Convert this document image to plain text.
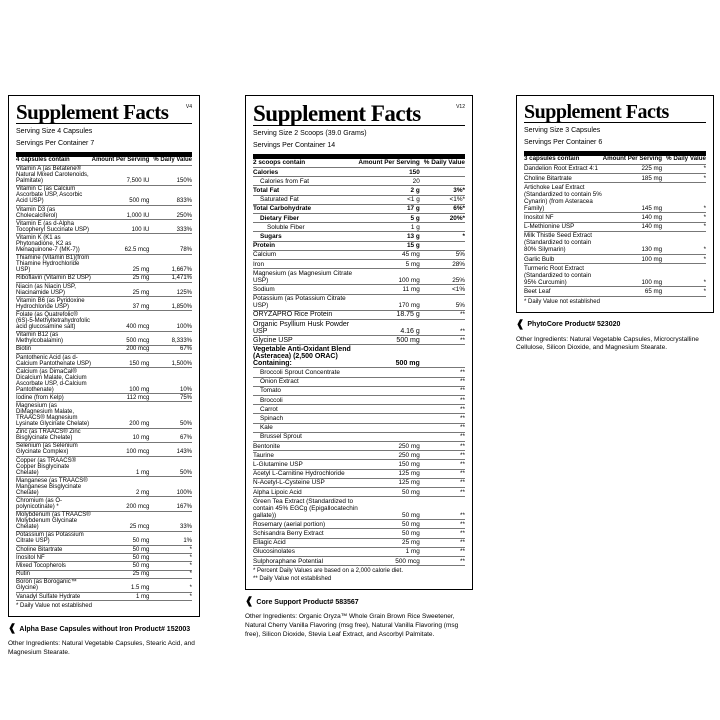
Supplement Facts	V4
Serving Size 4 Capsules
Servings Per Container 7
4 capsules contain	Amount Per Serving	% Daily Value
Vitamin A (as Betatene® Natural Mixed Carotenoids, Palmitate)	7,500 IU	150%
Vitamin C (as Calcium Ascorbate USP, Ascorbic Acid USP)	500 mg	833%
Vitamin D3 (as Cholecalciferol)	1,000 IU	250%
Vitamin E (as d-Alpha Tocopheryl Succinate USP)	100 IU	333%
Vitamin K (K1 as Phytonadione, K2 as Menaquinone-7 (MK-7))	62.5 mcg	78%
Thiamine (Vitamin B1)(from Thiamine Hydrochloride USP)	25 mg	1,667%
Riboflavin (Vitamin B2 USP)	25 mg	1,471%
Niacin (as Niacin USP, Niacinamide USP)	25 mg	125%
Vitamin B6 (as Pyridoxine Hydrochloride USP)	37 mg	1,850%
Folate (as Quatrefolic® (6S)-5-Methyltetrahydrofolic acid glucosamine salt)	400 mcg	100%
Vitamin B12 (as Methylcobalamin)	500 mcg	8,333%
Biotin	200 mcg	67%
Pantothenic Acid (as d-Calcium Pantothenate USP)	150 mg	1,500%
Calcium (as DimaCal® Dicalcium Malate, Calcium Ascorbate USP, d-Calcium Pantothenate)	100 mg	10%
Iodine (from Kelp)	112 mcg	75%
Magnesium (as DiMagnesium Malate, TRAACS® Magnesium Lysinate Glycinate Chelate)	200 mg	50%
Zinc (as TRAACS® Zinc Bisglycinate Chelate)	10 mg	67%
Selenium (as Selenium Glycinate Complex)	100 mcg	143%
Copper (as TRAACS® Copper Bisglycinate Chelate)	1 mg	50%
Manganese (as TRAACS® Manganese Bisglycinate Chelate)	2 mg	100%
Chromium (as O-polynicotinate) *	200 mcg	167%
Molybdenum (as TRAACS® Molybdenum Glycinate Chelate)	25 mcg	33%
Potassium (as Potassium Citrate USP)	50 mg	1%
Choline Bitartrate	50 mg	*
Inositol NF	50 mg	*
Mixed Tocopherols	50 mg	*
Rutin	25 mg	*
Boron (as Boroganic™ Glycine)	1.5 mg	*
Vanadyl Sulfate Hydrate	1 mg	*
* Daily Value not established
❰ Alpha Base Capsules without Iron Product# 152003
Other Ingredients: Natural Vegetable Capsules, Stearic Acid, and Magnesium Stearate.
Supplement Facts	V12
Serving Size 2 Scoops (39.0 Grams)
Servings Per Container 14
2 scoops contain	Amount Per Serving	% Daily Value
Calories	150	
Calories from Fat	20	
Total Fat	2 g	3%*
Saturated Fat	<1 g	<1%*
Total Carbohydrate	17 g	6%*
Dietary Fiber	5 g	20%*
Soluble Fiber	1 g	
Sugars	13 g	*
Protein	15 g	
Calcium	45 mg	5%
Iron	5 mg	28%
Magnesium (as Magnesium Citrate USP)	100 mg	25%
Sodium	11 mg	<1%
Potassium (as Potassium Citrate USP)	170 mg	5%
ORYZAPRO Rice Protein	18.75 g	**
Organic Psyllium Husk Powder USP	4.16 g	**
Glycine USP	500 mg	**
Vegetable Anti-Oxidant Blend (Asteracea) (2,500 ORAC) Containing:	500 mg	
Broccoli Sprout Concentrate		**
Onion Extract		**
Tomato		**
Broccoli		**
Carrot		**
Spinach		**
Kale		**
Brussel Sprout		**
Bentonite	250 mg	**
Taurine	250 mg	**
L-Glutamine USP	150 mg	**
Acetyl L-Carnitine Hydrochloride	125 mg	**
N-Acetyl-L-Cysteine USP	125 mg	**
Alpha Lipoic Acid	50 mg	**
Green Tea Extract (Standardized to contain 45% EGCg (Epigallocatechin gallate))	50 mg	**
Rosemary (aerial portion)	50 mg	**
Schisandra Berry Extract	50 mg	**
Ellagic Acid	25 mg	**
Glucosinolates	1 mg	**
Sulphoraphane Potential	500 mcg	**
* Percent Daily Values are based on a 2,000 calorie diet.
** Daily Value not established
❰ Core Support Product# 583567
Other Ingredients: Organic Oryza™ Whole Grain Brown Rice Sweetener, Natural Cherry Vanilla Flavoring (msg free), Natural Vanilla Flavoring (msg free), Silicon Dioxide, Stevia Leaf Extract, and Ascorbyl Palmitate.
Supplement Facts
Serving Size 3 Capsules
Servings Per Container 6
3 capsules contain	Amount Per Serving	% Daily Value
Dandelion Root Extract 4:1	225 mg	*
Choline Bitartrate	185 mg	*
Artichoke Leaf Extract (Standardized to contain 5% Cynarin) (from Asteracea Family)	145 mg	*
Inositol NF	140 mg	*
L-Methionine USP	140 mg	*
Milk Thistle Seed Extract (Standardized to contain 80% Silymarin)	130 mg	*
Garlic Bulb	100 mg	*
Turmeric Root Extract (Standardized to contain 95% Curcumin)	100 mg	*
Beet Leaf	65 mg	*
* Daily Value not established
❰ PhytoCore Product# 523020
Other Ingredients: Natural Vegetable Capsules, Microcrystalline Cellulose, Silicon Dioxide, and Magnesium Stearate.
